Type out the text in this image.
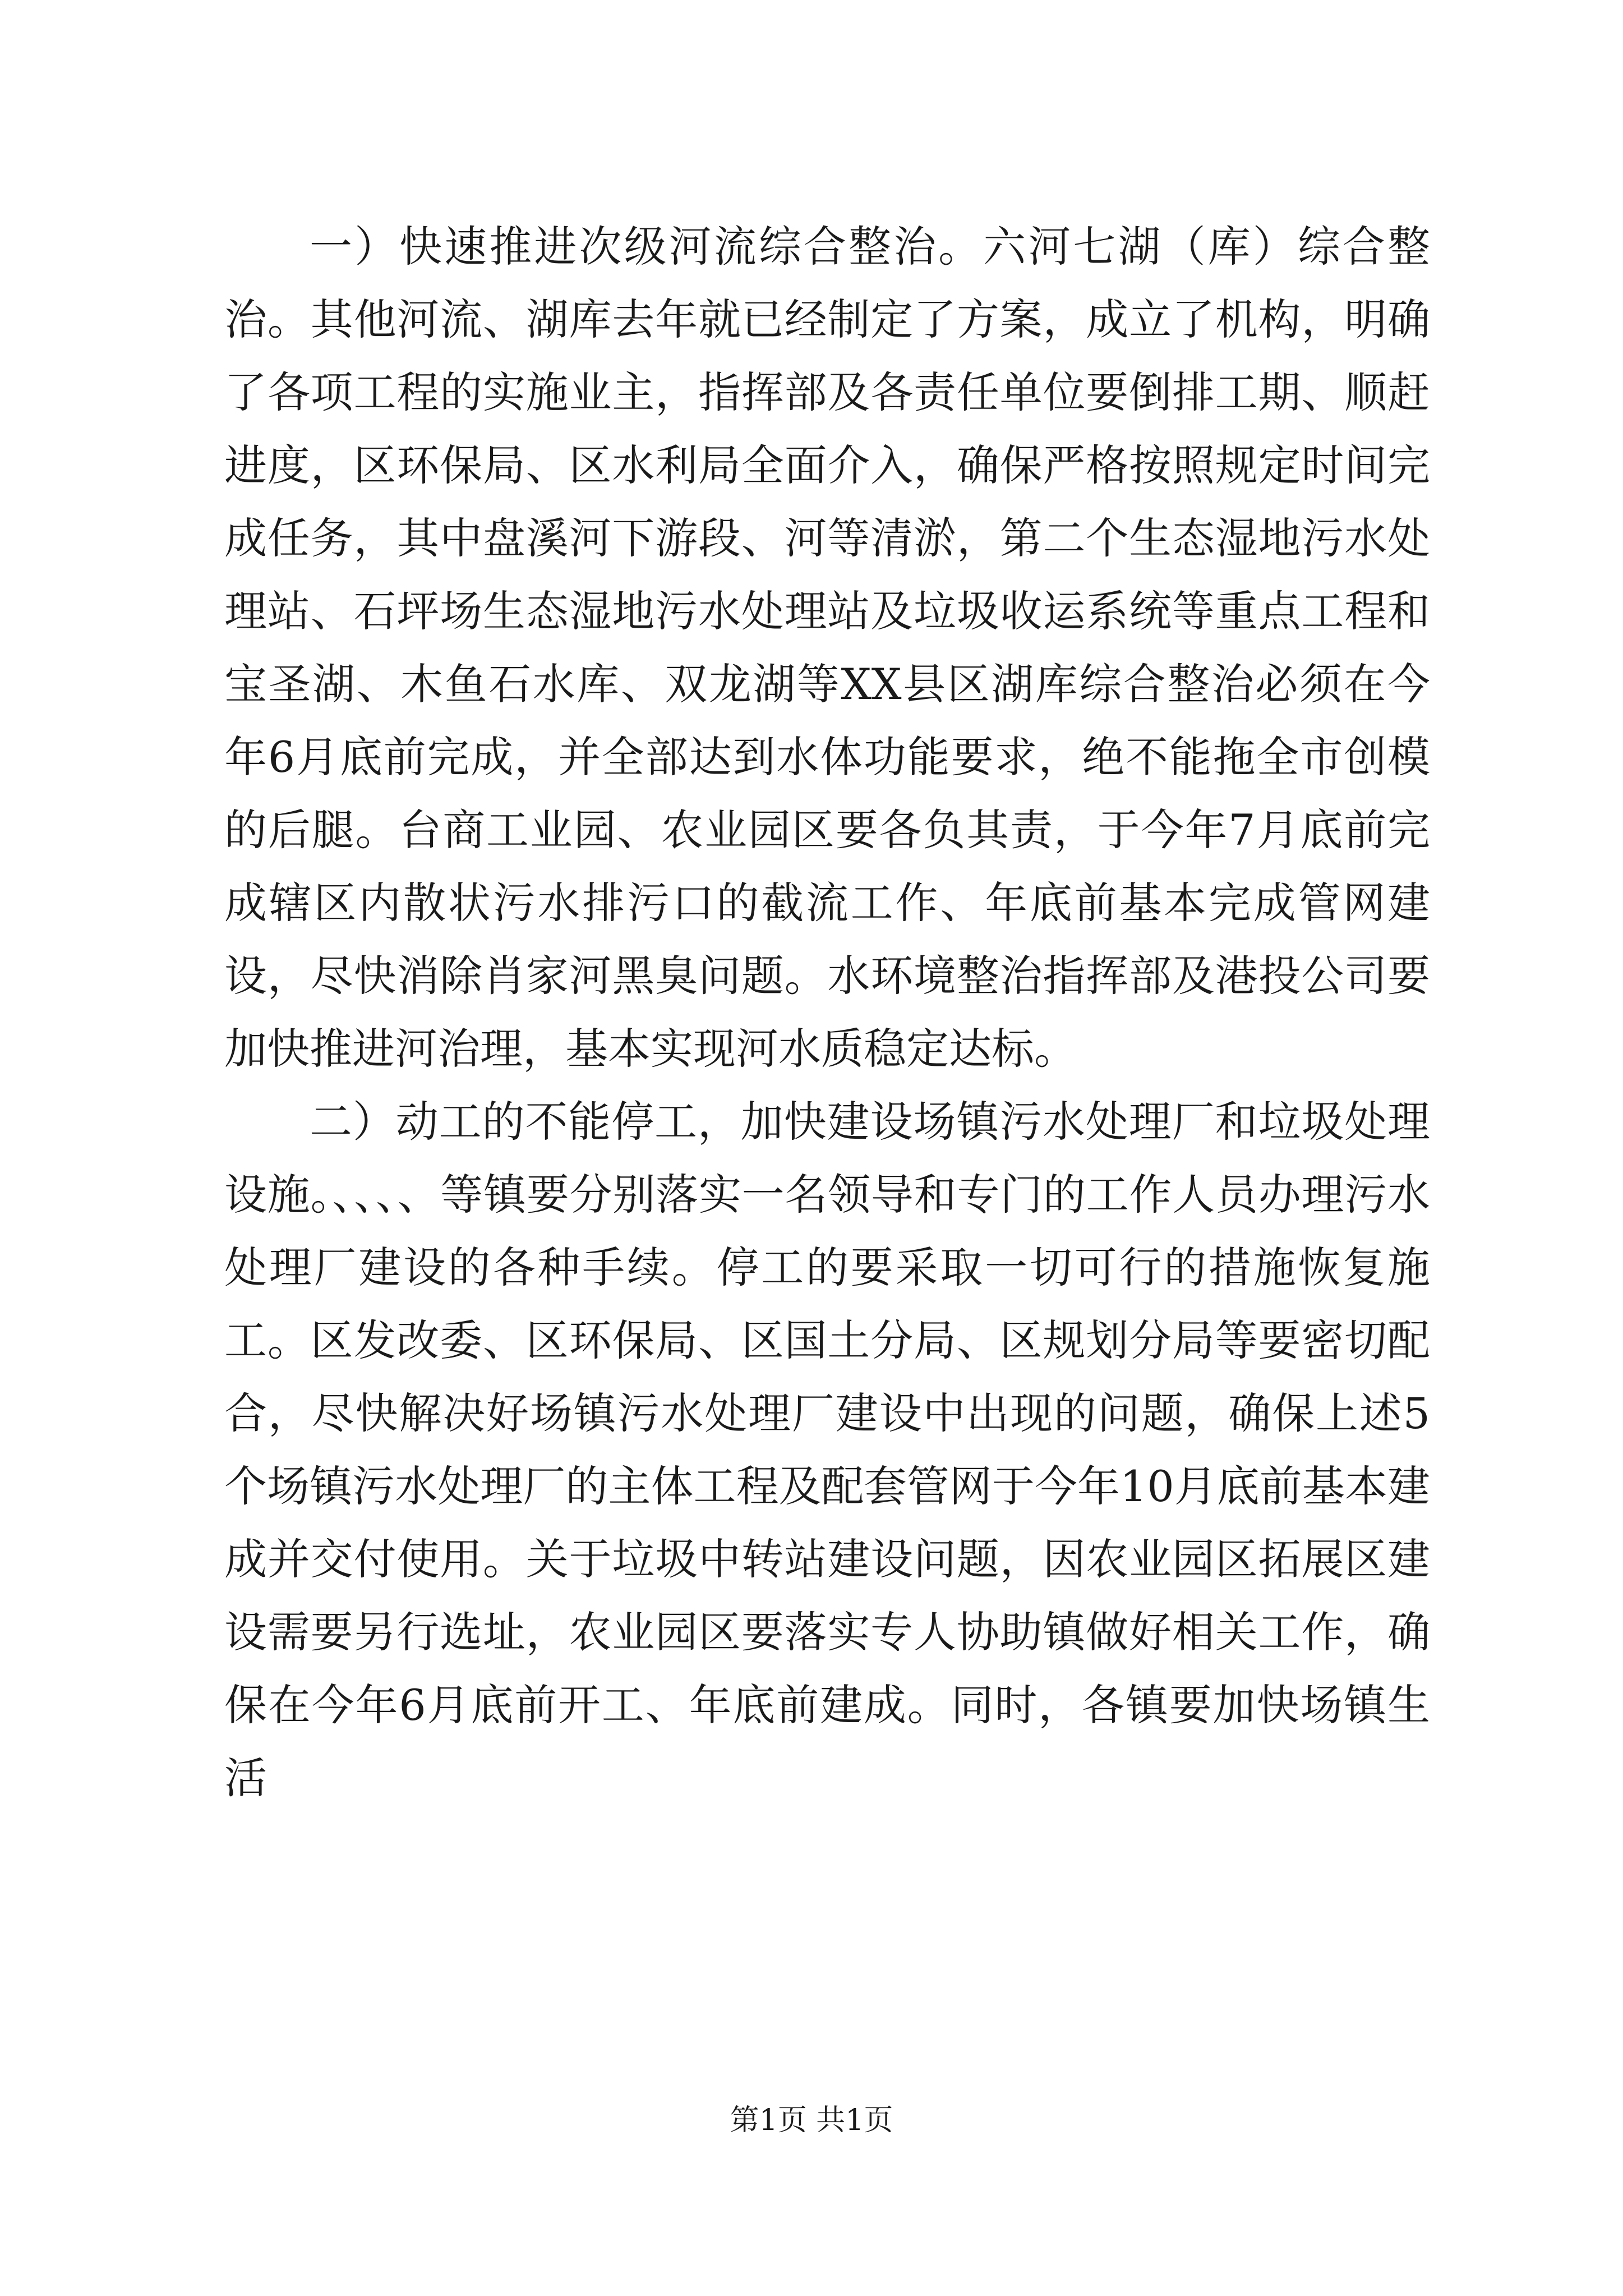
一）快速推进次级河流综合整治。六河七湖（库）综合整治。其他河流、湖库去年就已经制定了方案，成立了机构，明确了各项工程的实施业主，指挥部及各责任单位要倒排工期、顺赶进度，区环保局、区水利局全面介入，确保严格按照规定时间完成任务，其中盘溪河下游段、河等清淤，第二个生态湿地污水处理站、石坪场生态湿地污水处理站及垃圾收运系统等重点工程和宝圣湖、木鱼石水库、双龙湖等XX县区湖库综合整治必须在今年6月底前完成，并全部达到水体功能要求，绝不能拖全市创模的后腿。台商工业园、农业园区要各负其责，于今年7月底前完成辖区内散状污水排污口的截流工作、年底前基本完成管网建设，尽快消除肖家河黑臭问题。水环境整治指挥部及港投公司要加快推进河治理，基本实现河水质稳定达标。

二）动工的不能停工，加快建设场镇污水处理厂和垃圾处理设施。、、、、等镇要分别落实一名领导和专门的工作人员办理污水处理厂建设的各种手续。停工的要采取一切可行的措施恢复施工。区发改委、区环保局、区国土分局、区规划分局等要密切配合，尽快解决好场镇污水处理厂建设中出现的问题，确保上述5个场镇污水处理厂的主体工程及配套管网于今年10月底前基本建成并交付使用。关于垃圾中转站建设问题，因农业园区拓展区建设需要另行选址，农业园区要落实专人协助镇做好相关工作，确保在今年6月底前开工、年底前建成。同时，各镇要加快场镇生活

第1页 共1页
